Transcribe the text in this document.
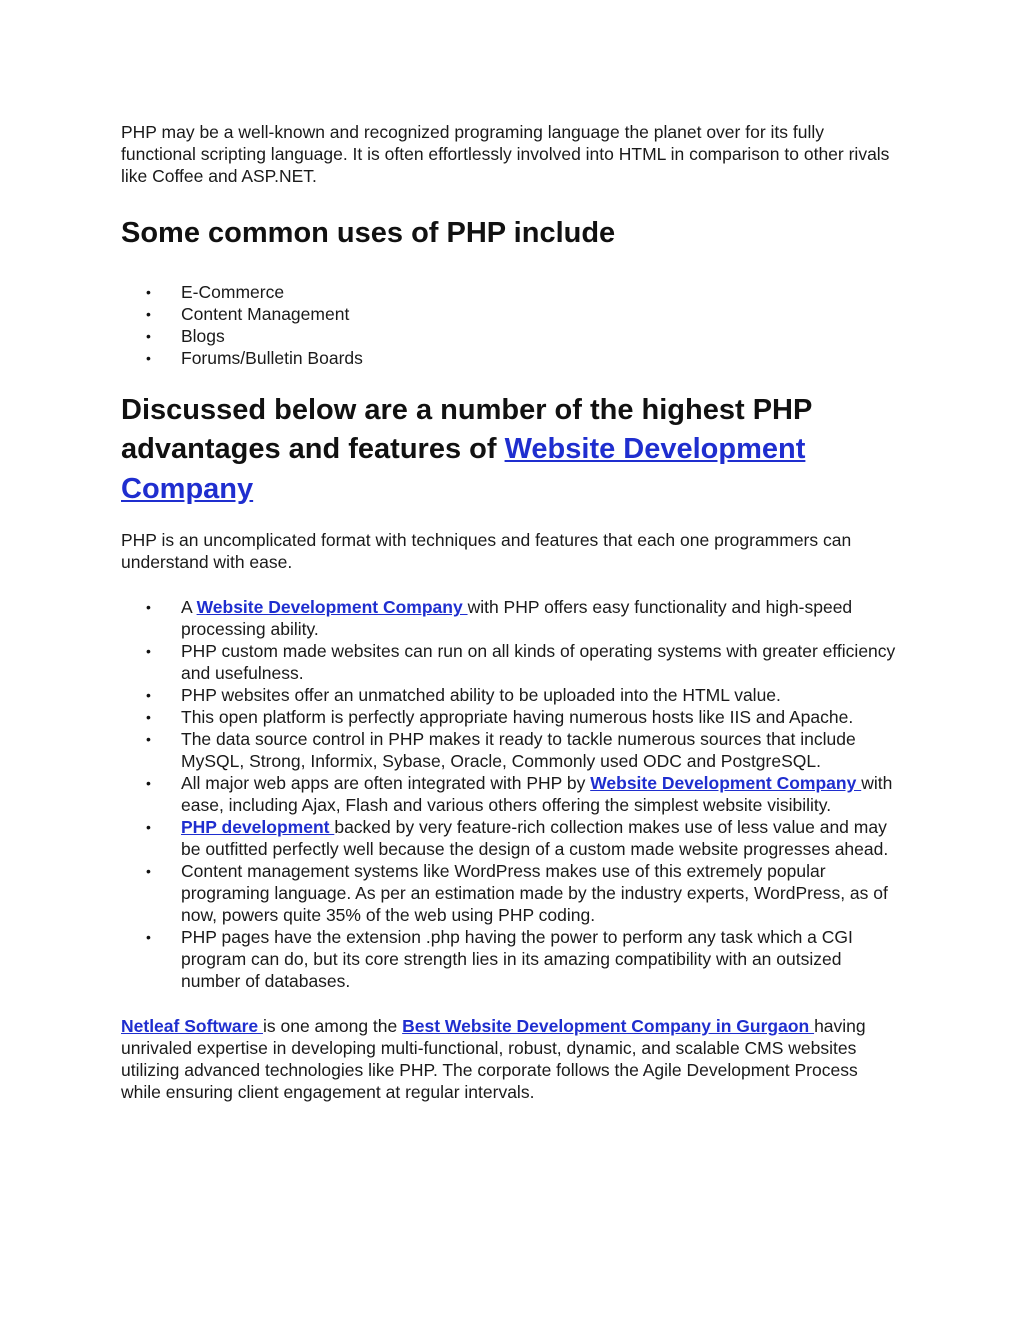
PHP may be a well-known and recognized programing language the planet over for its fully functional scripting language. It is often effortlessly involved into HTML in comparison to other rivals like Coffee and ASP.NET.

Some common uses of PHP include
• E-Commerce
• Content Management
• Blogs
• Forums/Bulletin Boards
Discussed below are a number of the highest PHP advantages and features of Website Development Company

PHP is an uncomplicated format with techniques and features that each one programmers can understand with ease.

• A Website Development Company with PHP offers easy functionality and high-speed processing ability.
• PHP custom made websites can run on all kinds of operating systems with greater efficiency and usefulness.
• PHP websites offer an unmatched ability to be uploaded into the HTML value.
• This open platform is perfectly appropriate having numerous hosts like IIS and Apache.
• The data source control in PHP makes it ready to tackle numerous sources that include MySQL, Strong, Informix, Sybase, Oracle, Commonly used ODC and PostgreSQL.
• All major web apps are often integrated with PHP by Website Development Company with ease, including Ajax, Flash and various others offering the simplest website visibility.
• PHP development backed by very feature-rich collection makes use of less value and may be outfitted perfectly well because the design of a custom made website progresses ahead.
• Content management systems like WordPress makes use of this extremely popular programing language. As per an estimation made by the industry experts, WordPress, as of now, powers quite 35% of the web using PHP coding.
• PHP pages have the extension .php having the power to perform any task which a CGI program can do, but its core strength lies in its amazing compatibility with an outsized number of databases.

Netleaf Software is one among the Best Website Development Company in Gurgaon having unrivaled expertise in developing multi-functional, robust, dynamic, and scalable CMS websites utilizing advanced technologies like PHP. The corporate follows the Agile Development Process while ensuring client engagement at regular intervals.
